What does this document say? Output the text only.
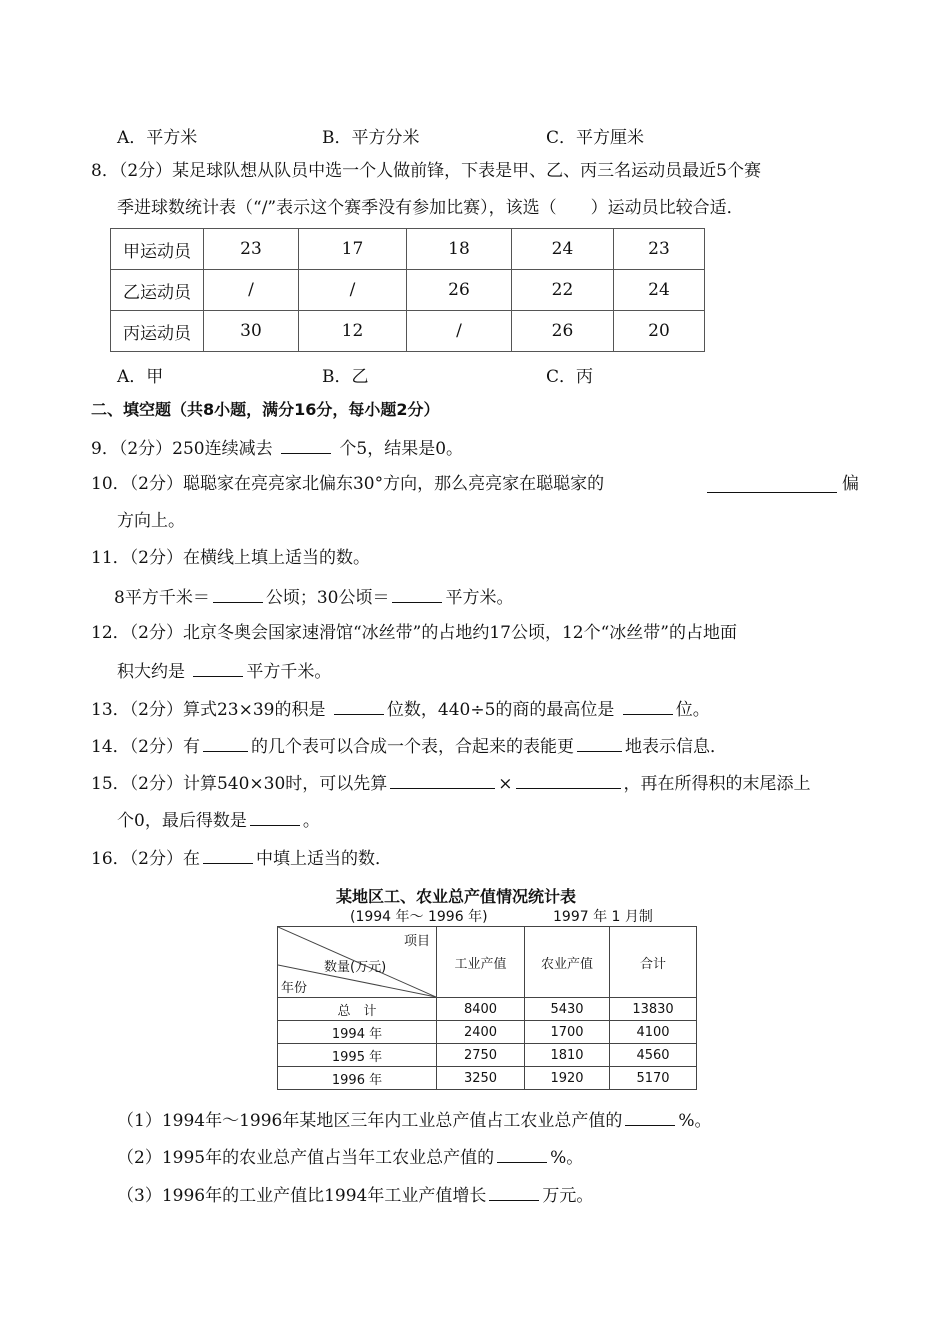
A．平方米	B．平方分米	C．平方厘米
8．（2分）某足球队想从队员中选一个人做前锋，下表是甲、乙、丙三名运动员最近5个赛
季进球数统计表（“/”表示这个赛季没有参加比赛），该选（　　）运动员比较合适．
甲运动员	23	17	18	24	23
乙运动员	/	/	26	22	24
丙运动员	30	12	/	26	20
A．甲	B．乙	C．丙
二、填空题（共8小题，满分16分，每小题2分）
9．（2分）250连续减去	个5，结果是0。
10．（2分）聪聪家在亮亮家北偏东30°方向，那么亮亮家在聪聪家的	偏
方向上。
11．（2分）在横线上填上适当的数。
8平方千米＝	公顷；30公顷＝	平方米。
12．（2分）北京冬奥会国家速滑馆“冰丝带”的占地约17公顷，12个“冰丝带”的占地面
积大约是	平方千米。
13．（2分）算式23×39的积是	位数，440÷5的商的最高位是	位。
14．（2分）有	的几个表可以合成一个表，合起来的表能更	地表示信息．
15．（2分）计算540×30时，可以先算	×	，再在所得积的末尾添上
个0，最后得数是	。
16．（2分）在	中填上适当的数．
某地区工、农业总产值情况统计表
(1994 年～ 1996 年)	1997 年 1 月制
项目
数量(万元)
年份	工业产值	农业产值	合计
总　计	8400	5430	13830
1994 年	2400	1700	4100
1995 年	2750	1810	4560
1996 年	3250	1920	5170
（1）1994年～1996年某地区三年内工业总产值占工农业总产值的	%。
（2）1995年的农业总产值占当年工农业总产值的	%。
（3）1996年的工业产值比1994年工业产值增长	万元。
